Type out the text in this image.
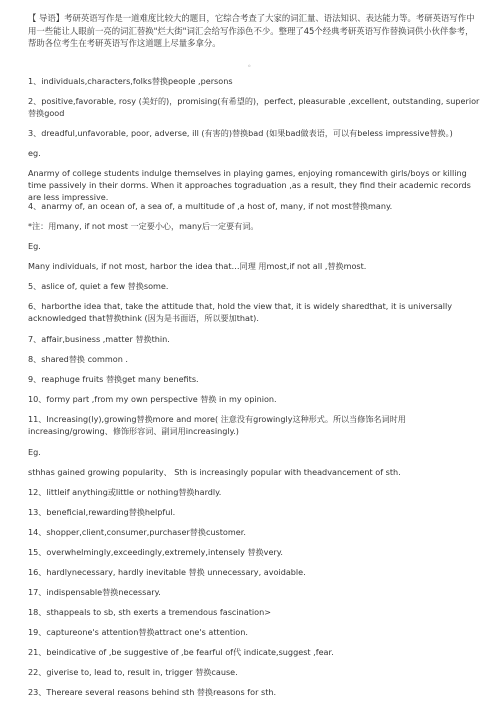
【 导语】考研英语写作是一道难度比较大的题目，它综合考查了大家的词汇量、语法知识、表达能力等。考研英语写作中用一些能让人眼前一亮的词汇替换"烂大街"词汇会给写作添色不少。整理了45个经典考研英语写作替换词供小伙伴参考，帮助各位考生在考研英语写作这道题上尽量多拿分。
。
1、individuals,characters,folks替换people ,persons
2、positive,favorable, rosy (美好的)，promising(有希望的)，perfect, pleasurable ,excellent, outstanding, superior替换good
3、dreadful,unfavorable, poor, adverse, ill (有害的)替换bad (如果bad做表语，可以有beless impressive替换。)
eg.
Anarmy of college students indulge themselves in playing games, enjoying romancewith girls/boys or killing time passively in their dorms. When it approaches tograduation ,as a result, they find their academic records are less impressive.
4、anarmy of, an ocean of, a sea of, a multitude of ,a host of, many, if not most替换many.
*注：用many, if not most 一定要小心，many后一定要有词。
Eg.
Many individuals, if not most, harbor the idea that…同理 用most,if not all ,替换most.
5、aslice of, quiet a few 替换some.
6、harborthe idea that, take the attitude that, hold the view that, it is widely sharedthat, it is universally acknowledged that替换think (因为是书面语，所以要加that).
7、affair,business ,matter 替换thin.
8、shared替换 common .
9、reaphuge fruits 替换get many benefits.
10、formy part ,from my own perspective 替换 in my opinion.
11、Increasing(ly),growing替换more and more( 注意没有growingly这种形式。所以当修饰名词时用increasing/growing、修饰形容词、副词用increasingly.)
Eg.
sthhas gained growing popularity、 Sth is increasingly popular with theadvancement of sth.
12、littleif anything或little or nothing替换hardly.
13、beneficial,rewarding替换helpful.
14、shopper,client,consumer,purchaser替换customer.
15、overwhelmingly,exceedingly,extremely,intensely 替换very.
16、hardlynecessary, hardly inevitable 替换 unnecessary, avoidable.
17、indispensable替换necessary.
18、sthappeals to sb, sth exerts a tremendous fascination>
19、captureone's attention替换attract one's attention.
21、beindicative of ,be suggestive of ,be fearful of代 indicate,suggest ,fear.
22、giverise to, lead to, result in, trigger 替换cause.
23、Thereare several reasons behind sth 替换reasons for sth.
